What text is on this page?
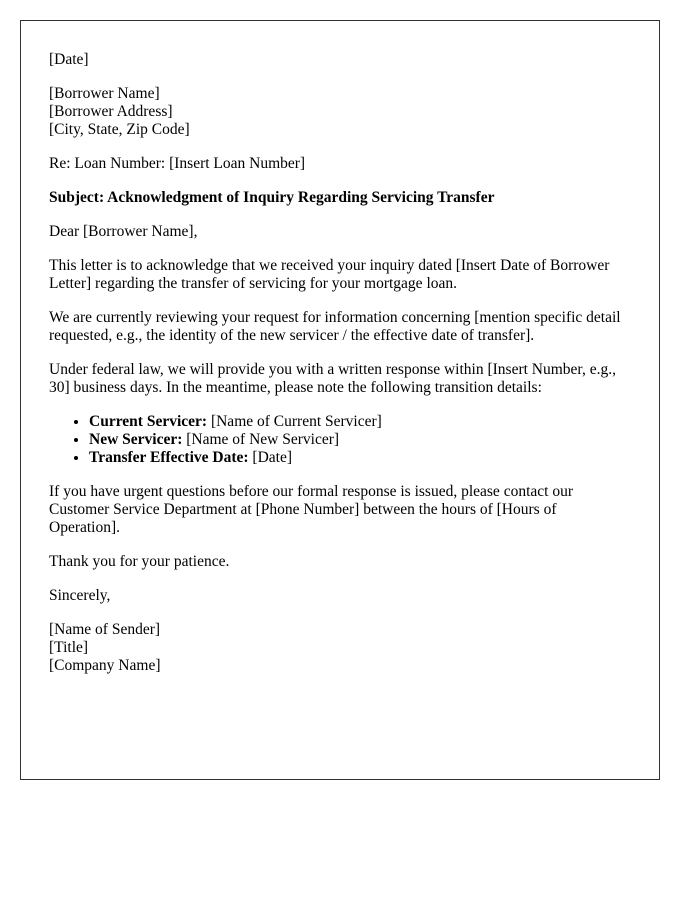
[Date]

[Borrower Name]
[Borrower Address]
[City, State, Zip Code]

Re: Loan Number: [Insert Loan Number]

Subject: Acknowledgment of Inquiry Regarding Servicing Transfer

Dear [Borrower Name],

This letter is to acknowledge that we received your inquiry dated [Insert Date of Borrower Letter] regarding the transfer of servicing for your mortgage loan.

We are currently reviewing your request for information concerning [mention specific detail requested, e.g., the identity of the new servicer / the effective date of transfer].

Under federal law, we will provide you with a written response within [Insert Number, e.g., 30] business days. In the meantime, please note the following transition details:

• Current Servicer: [Name of Current Servicer]
• New Servicer: [Name of New Servicer]
• Transfer Effective Date: [Date]

If you have urgent questions before our formal response is issued, please contact our Customer Service Department at [Phone Number] between the hours of [Hours of Operation].

Thank you for your patience.

Sincerely,

[Name of Sender]
[Title]
[Company Name]
